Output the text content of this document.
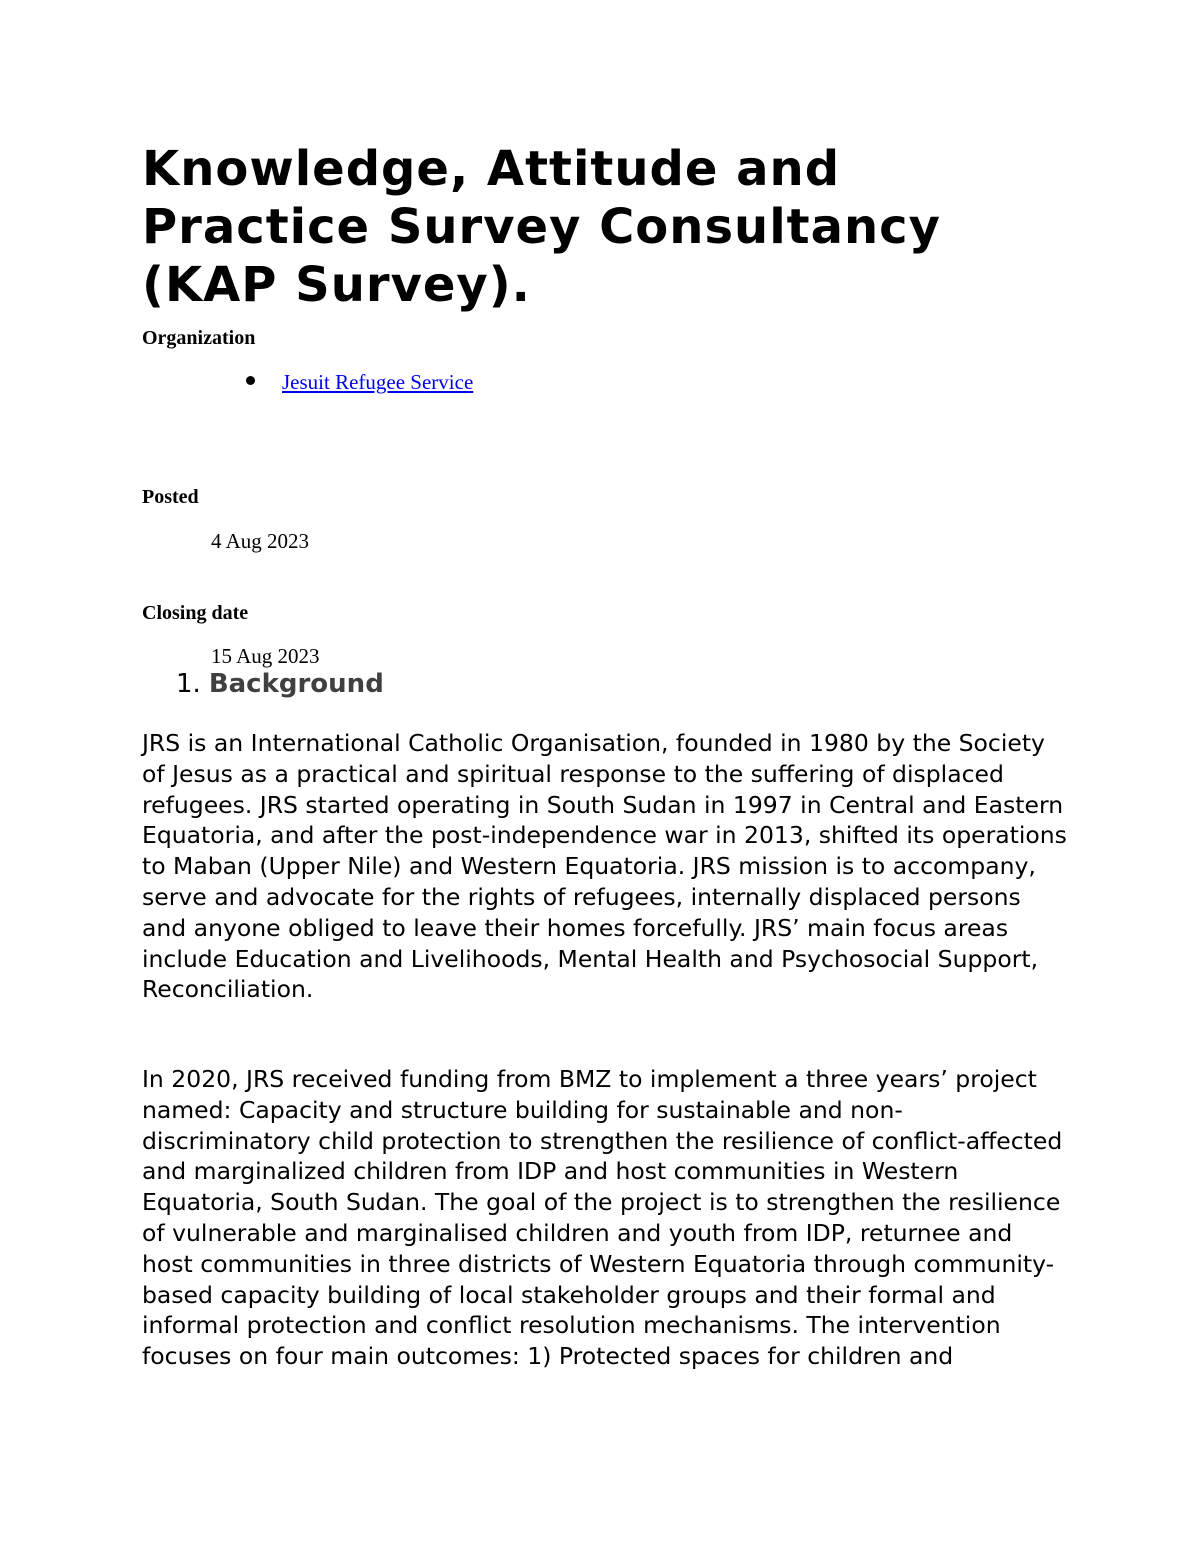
Knowledge, Attitude and
Practice Survey Consultancy
(KAP Survey).

Organization

Jesuit Refugee Service

Posted

4 Aug 2023

Closing date

15 Aug 2023

1. Background

JRS is an International Catholic Organisation, founded in 1980 by the Society of Jesus as a practical and spiritual response to the suffering of displaced refugees. JRS started operating in South Sudan in 1997 in Central and Eastern Equatoria, and after the post-independence war in 2013, shifted its operations to Maban (Upper Nile) and Western Equatoria. JRS mission is to accompany, serve and advocate for the rights of refugees, internally displaced persons and anyone obliged to leave their homes forcefully. JRS’ main focus areas include Education and Livelihoods, Mental Health and Psychosocial Support, Reconciliation.

In 2020, JRS received funding from BMZ to implement a three years’ project named: Capacity and structure building for sustainable and non-discriminatory child protection to strengthen the resilience of conflict-affected and marginalized children from IDP and host communities in Western Equatoria, South Sudan. The goal of the project is to strengthen the resilience of vulnerable and marginalised children and youth from IDP, returnee and host communities in three districts of Western Equatoria through community-based capacity building of local stakeholder groups and their formal and informal protection and conflict resolution mechanisms. The intervention focuses on four main outcomes: 1) Protected spaces for children and
